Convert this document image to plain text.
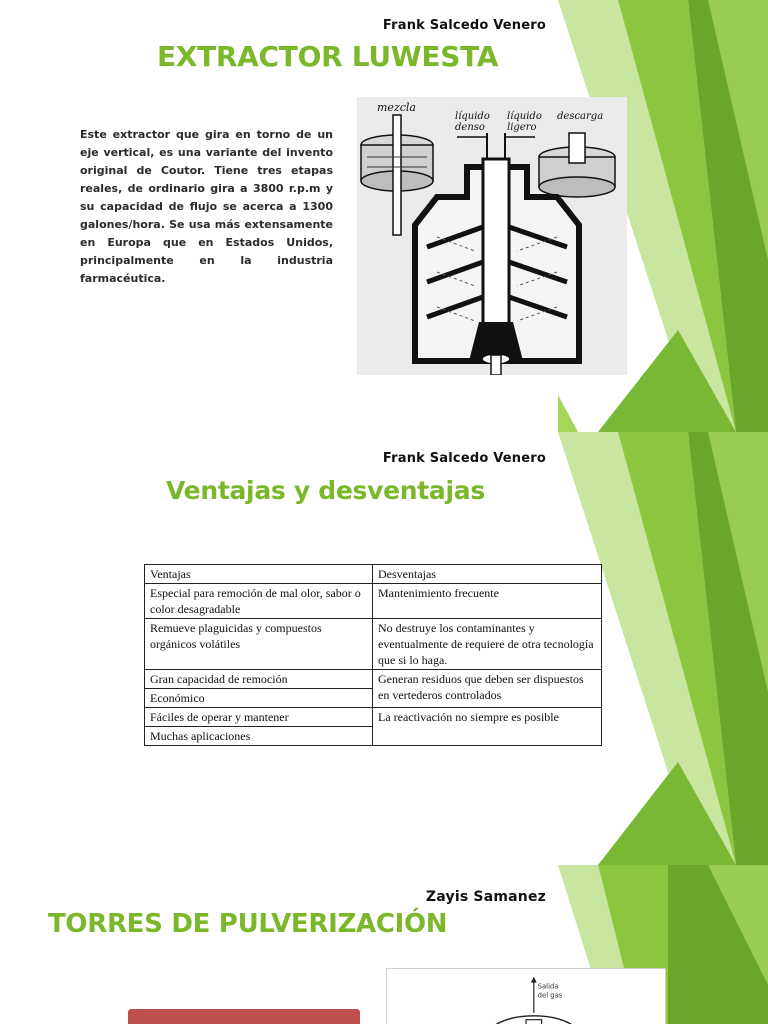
Frank Salcedo Venero
EXTRACTOR LUWESTA

Este extractor que gira en torno de un eje vertical, es una variante del invento original de Coutor. Tiene tres etapas reales, de ordinario gira a 3800 r.p.m y su capacidad de flujo se acerca a 1300 galones/hora. Se usa más extensamente en Europa que en Estados Unidos, principalmente en la industria farmacéutica.

mezcla
líquido
denso
líquido
ligero
descarga
Frank Salcedo Venero
Ventajas y desventajas
Ventajas	Desventajas
Especial para remoción de mal olor, sabor o color desagradable	Mantenimiento frecuente
Remueve plaguicidas y compuestos orgánicos volátiles	No destruye los contaminantes y eventualmente de requiere de otra tecnología que si lo haga.
Gran capacidad de remoción	Generan residuos que deben ser dispuestos en vertederos controlados
Económico	
Fáciles de operar y mantener	La reactivación no siempre es posible
Muchas aplicaciones	
Zayis Samanez
TORRES DE PULVERIZACIÓN
Salida
del gas
